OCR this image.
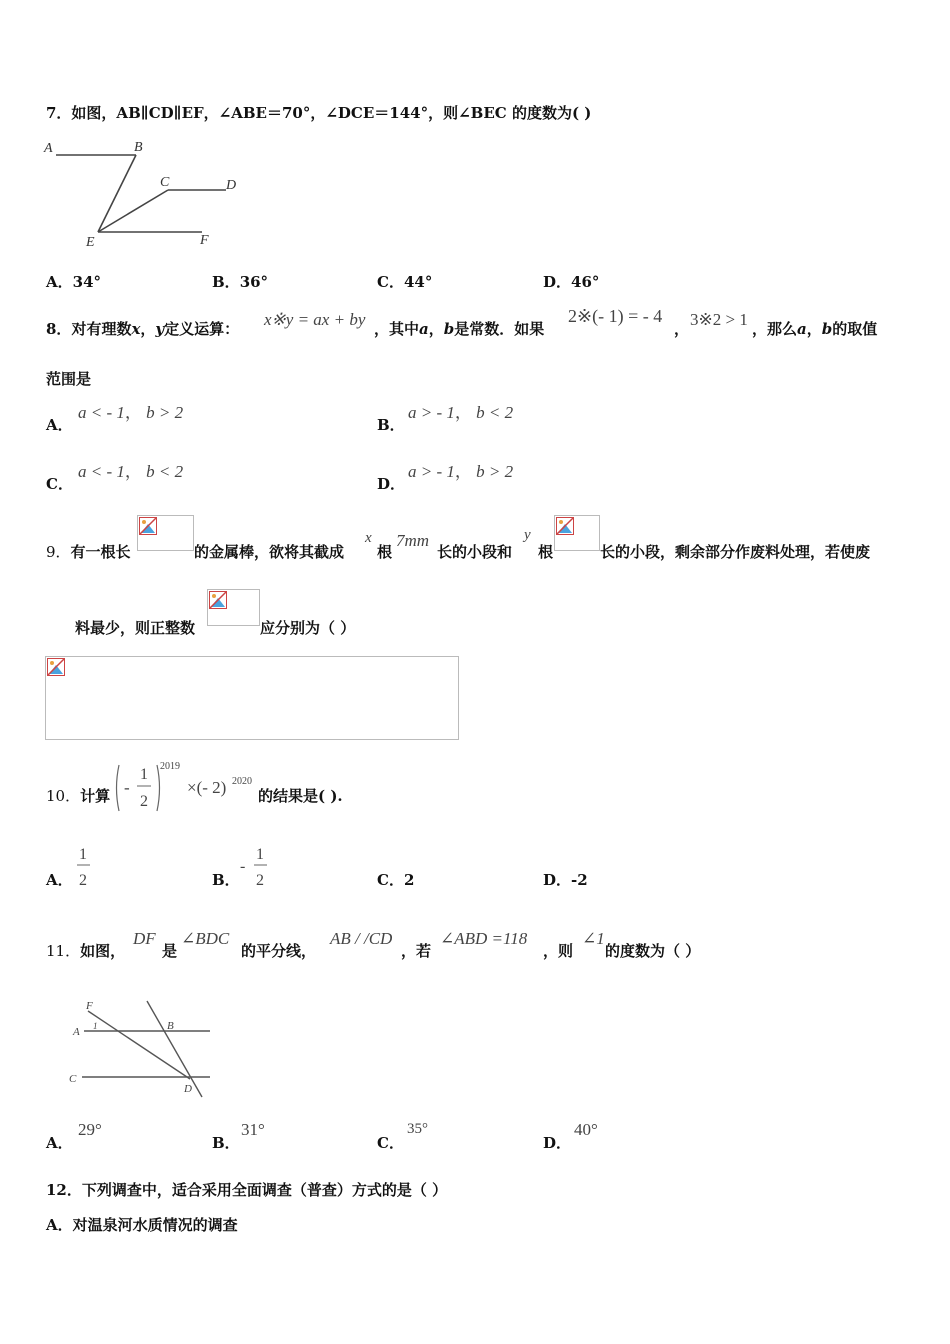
7．如图，AB∥CD∥EF，∠ABE＝70°，∠DCE＝144°，则∠BEC 的度数为( )
A	B
C	D
E	F
A．34°	B．36°	C．44°	D．46°
8．对有理数x，y定义运算： x※y = ax + by ，其中a，b是常数．如果
2※(- 1) = - 4
， 3※2 > 1 ，那么a，b的取值
范围是
A．
a < - 1， b > 2
B．
a > - 1， b < 2
C．
a < - 1， b < 2
D．
a > - 1， b > 2
9．有一根长	的金属棒，欲将其截成
x
根
7mm
长的小段和
y
根	长的小段，剩余部分作废料处理，若使废
料最少，则正整数	应分别为（ ）
10．计算 -
1
2
2019
×(- 2) 2020
的结果是( ).
A．
1
2	B．
-
1
2	C．2	D．-2
11．如图，
DF
是
∠BDC
的平分线，
AB / /CD
，若
∠ABD =118
，则
∠1
的度数为（ ）
F
A 1	B
C
D
A．
29°
B．
31°
C．
35°
D．
40°
12．下列调查中，适合采用全面调查（普查）方式的是（ ）
A．对温泉河水质情况的调查
